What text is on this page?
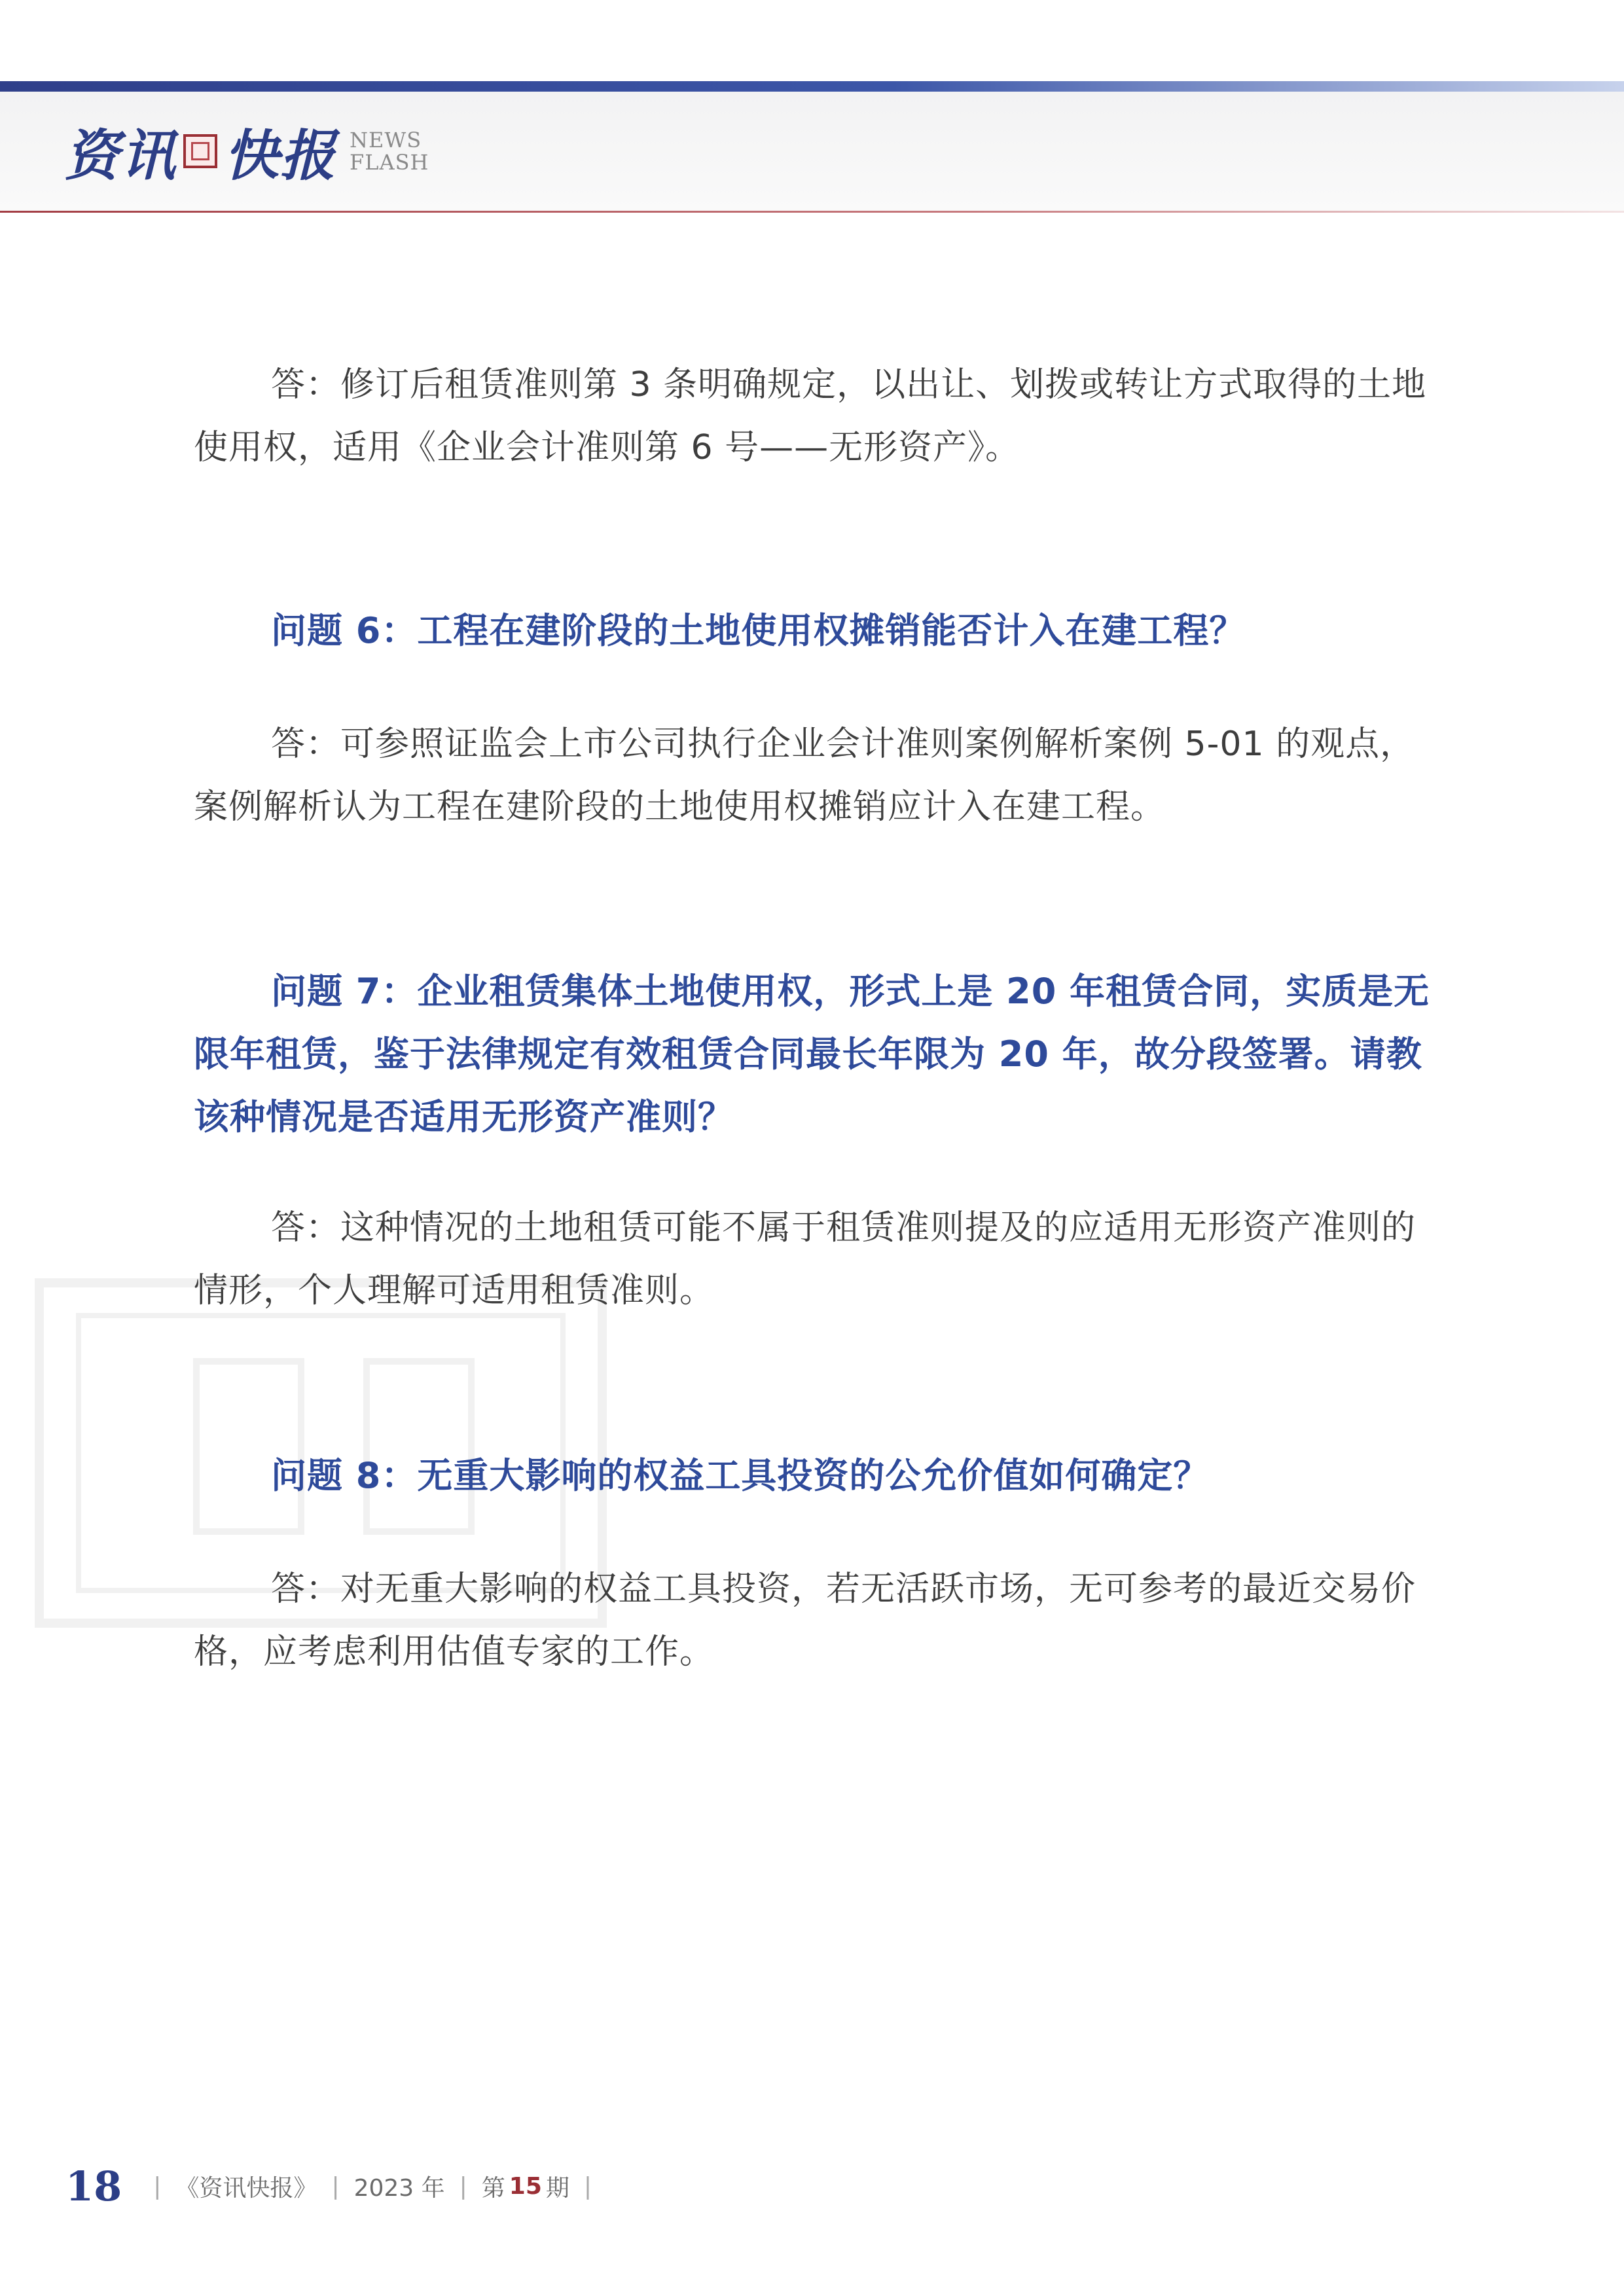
资讯 快报 NEWS
FLASH

答：修订后租赁准则第 3 条明确规定，以出让、划拨或转让方式取得的土地使用权，适用《企业会计准则第 6 号——无形资产》。

问题 6：工程在建阶段的土地使用权摊销能否计入在建工程？

答：可参照证监会上市公司执行企业会计准则案例解析案例 5-01 的观点，案例解析认为工程在建阶段的土地使用权摊销应计入在建工程。

问题 7：企业租赁集体土地使用权，形式上是 20 年租赁合同，实质是无限年租赁，鉴于法律规定有效租赁合同最长年限为 20 年，故分段签署。请教该种情况是否适用无形资产准则？

答：这种情况的土地租赁可能不属于租赁准则提及的应适用无形资产准则的情形，个人理解可适用租赁准则。

问题 8：无重大影响的权益工具投资的公允价值如何确定？

答：对无重大影响的权益工具投资，若无活跃市场，无可参考的最近交易价格，应考虑利用估值专家的工作。

18 | 《资讯快报》 | 2023 年 | 第 15 期 |
